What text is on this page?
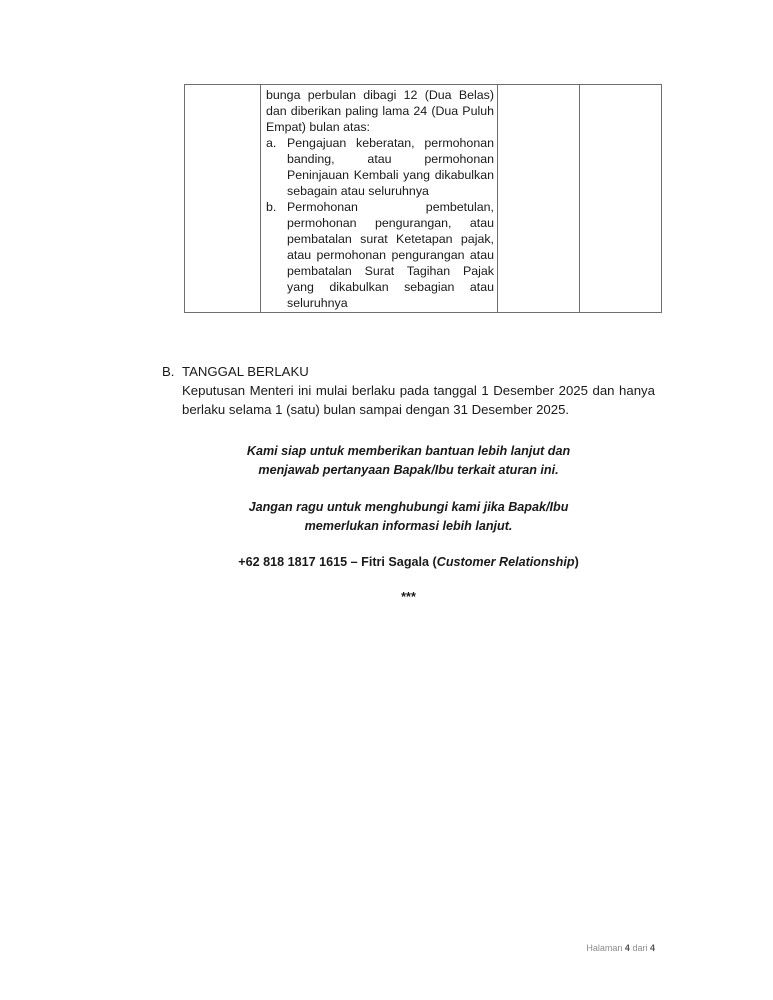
bunga perbulan dibagi 12 (Dua Belas) dan diberikan paling lama 24 (Dua Puluh Empat) bulan atas:

a. Pengajuan keberatan, permohonan banding, atau permohonan Peninjauan Kembali yang dikabulkan sebagain atau seluruhnya
b. Permohonan pembetulan, permohonan pengurangan, atau pembatalan surat Ketetapan pajak, atau permohonan pengurangan atau pembatalan Surat Tagihan Pajak yang dikabulkan sebagian atau seluruhnya

B. TANGGAL BERLAKU
Keputusan Menteri ini mulai berlaku pada tanggal 1 Desember 2025 dan hanya berlaku selama 1 (satu) bulan sampai dengan 31 Desember 2025.

Kami siap untuk memberikan bantuan lebih lanjut dan

menjawab pertanyaan Bapak/Ibu terkait aturan ini.

Jangan ragu untuk menghubungi kami jika Bapak/Ibu

memerlukan informasi lebih lanjut.

+62 818 1817 1615 – Fitri Sagala (Customer Relationship)
***
Halaman 4 dari 4
